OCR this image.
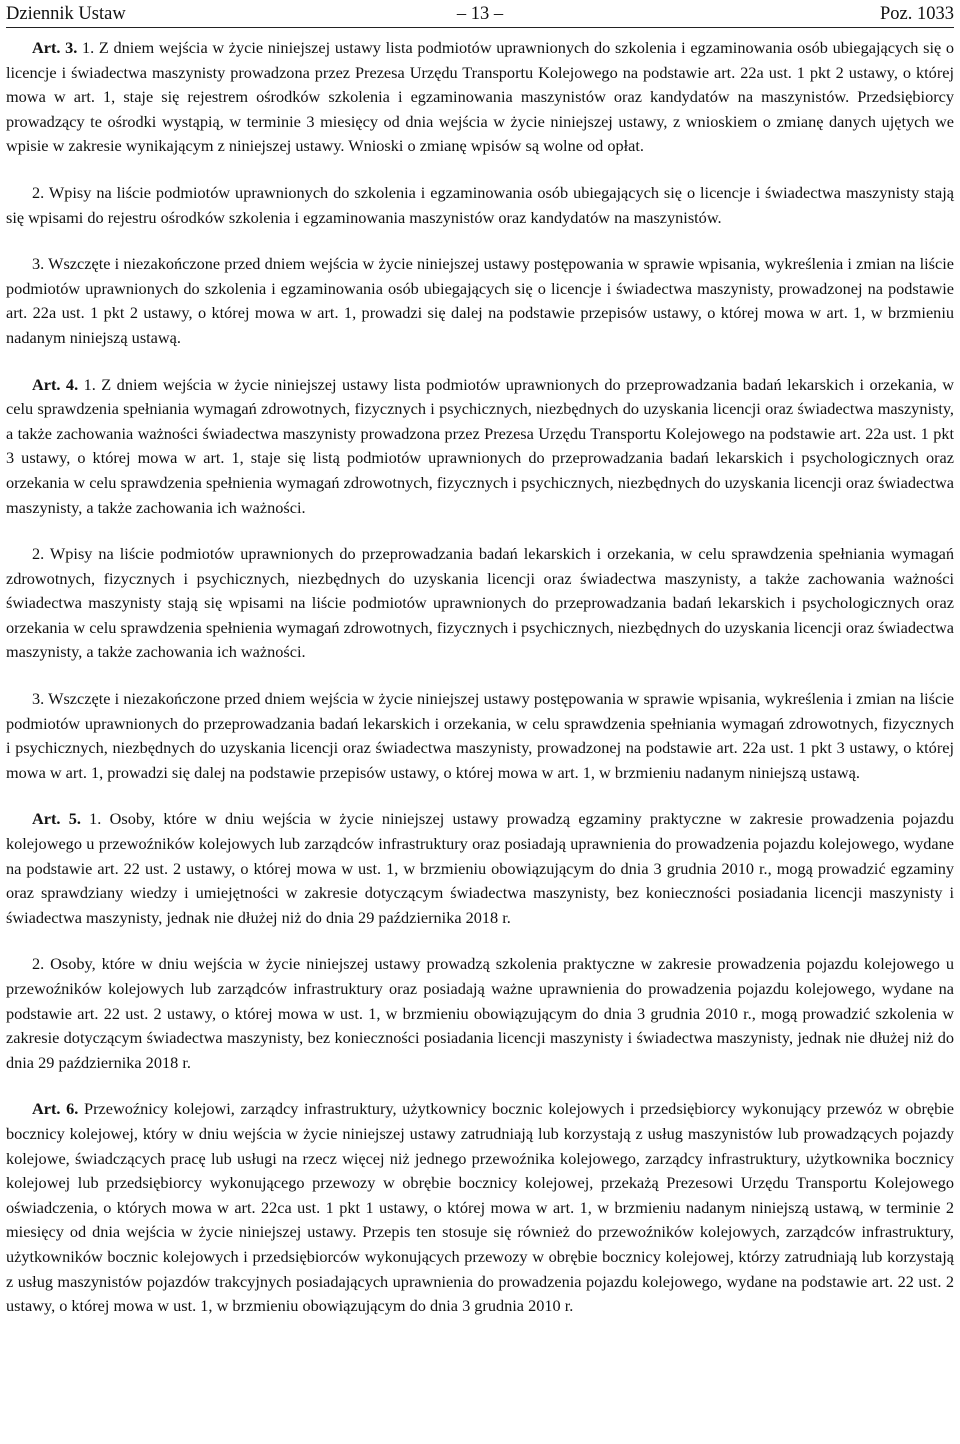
Dziennik Ustaw	– 13 –	Poz. 1033

Art. 3. 1. Z dniem wejścia w życie niniejszej ustawy lista podmiotów uprawnionych do szkolenia i egzaminowania osób ubiegających się o licencje i świadectwa maszynisty prowadzona przez Prezesa Urzędu Transportu Kolejowego na podstawie art. 22a ust. 1 pkt 2 ustawy, o której mowa w art. 1, staje się rejestrem ośrodków szkolenia i egzaminowania maszynistów oraz kandydatów na maszynistów. Przedsiębiorcy prowadzący te ośrodki wystąpią, w terminie 3 miesięcy od dnia wejścia w życie niniejszej ustawy, z wnioskiem o zmianę danych ujętych we wpisie w zakresie wynikającym z niniejszej ustawy. Wnioski o zmianę wpisów są wolne od opłat.

2. Wpisy na liście podmiotów uprawnionych do szkolenia i egzaminowania osób ubiegających się o licencje i świadectwa maszynisty stają się wpisami do rejestru ośrodków szkolenia i egzaminowania maszynistów oraz kandydatów na maszynistów.

3. Wszczęte i niezakończone przed dniem wejścia w życie niniejszej ustawy postępowania w sprawie wpisania, wykreślenia i zmian na liście podmiotów uprawnionych do szkolenia i egzaminowania osób ubiegających się o licencje i świadectwa maszynisty, prowadzonej na podstawie art. 22a ust. 1 pkt 2 ustawy, o której mowa w art. 1, prowadzi się dalej na podstawie przepisów ustawy, o której mowa w art. 1, w brzmieniu nadanym niniejszą ustawą.

Art. 4. 1. Z dniem wejścia w życie niniejszej ustawy lista podmiotów uprawnionych do przeprowadzania badań lekarskich i orzekania, w celu sprawdzenia spełniania wymagań zdrowotnych, fizycznych i psychicznych, niezbędnych do uzyskania licencji oraz świadectwa maszynisty, a także zachowania ważności świadectwa maszynisty prowadzona przez Prezesa Urzędu Transportu Kolejowego na podstawie art. 22a ust. 1 pkt 3 ustawy, o której mowa w art. 1, staje się listą podmiotów uprawnionych do przeprowadzania badań lekarskich i psychologicznych oraz orzekania w celu sprawdzenia spełnienia wymagań zdrowotnych, fizycznych i psychicznych, niezbędnych do uzyskania licencji oraz świadectwa maszynisty, a także zachowania ich ważności.

2. Wpisy na liście podmiotów uprawnionych do przeprowadzania badań lekarskich i orzekania, w celu sprawdzenia spełniania wymagań zdrowotnych, fizycznych i psychicznych, niezbędnych do uzyskania licencji oraz świadectwa maszynisty, a także zachowania ważności świadectwa maszynisty stają się wpisami na liście podmiotów uprawnionych do przeprowadzania badań lekarskich i psychologicznych oraz orzekania w celu sprawdzenia spełnienia wymagań zdrowotnych, fizycznych i psychicznych, niezbędnych do uzyskania licencji oraz świadectwa maszynisty, a także zachowania ich ważności.

3. Wszczęte i niezakończone przed dniem wejścia w życie niniejszej ustawy postępowania w sprawie wpisania, wykreślenia i zmian na liście podmiotów uprawnionych do przeprowadzania badań lekarskich i orzekania, w celu sprawdzenia spełniania wymagań zdrowotnych, fizycznych i psychicznych, niezbędnych do uzyskania licencji oraz świadectwa maszynisty, prowadzonej na podstawie art. 22a ust. 1 pkt 3 ustawy, o której mowa w art. 1, prowadzi się dalej na podstawie przepisów ustawy, o której mowa w art. 1, w brzmieniu nadanym niniejszą ustawą.

Art. 5. 1. Osoby, które w dniu wejścia w życie niniejszej ustawy prowadzą egzaminy praktyczne w zakresie prowadzenia pojazdu kolejowego u przewoźników kolejowych lub zarządców infrastruktury oraz posiadają uprawnienia do prowadzenia pojazdu kolejowego, wydane na podstawie art. 22 ust. 2 ustawy, o której mowa w ust. 1, w brzmieniu obowiązującym do dnia 3 grudnia 2010 r., mogą prowadzić egzaminy oraz sprawdziany wiedzy i umiejętności w zakresie dotyczącym świadectwa maszynisty, bez konieczności posiadania licencji maszynisty i świadectwa maszynisty, jednak nie dłużej niż do dnia 29 października 2018 r.

2. Osoby, które w dniu wejścia w życie niniejszej ustawy prowadzą szkolenia praktyczne w zakresie prowadzenia pojazdu kolejowego u przewoźników kolejowych lub zarządców infrastruktury oraz posiadają ważne uprawnienia do prowadzenia pojazdu kolejowego, wydane na podstawie art. 22 ust. 2 ustawy, o której mowa w ust. 1, w brzmieniu obowiązującym do dnia 3 grudnia 2010 r., mogą prowadzić szkolenia w zakresie dotyczącym świadectwa maszynisty, bez konieczności posiadania licencji maszynisty i świadectwa maszynisty, jednak nie dłużej niż do dnia 29 października 2018 r.

Art. 6. Przewoźnicy kolejowi, zarządcy infrastruktury, użytkownicy bocznic kolejowych i przedsiębiorcy wykonujący przewóz w obrębie bocznicy kolejowej, który w dniu wejścia w życie niniejszej ustawy zatrudniają lub korzystają z usług maszynistów lub prowadzących pojazdy kolejowe, świadczących pracę lub usługi na rzecz więcej niż jednego przewoźnika kolejowego, zarządcy infrastruktury, użytkownika bocznicy kolejowej lub przedsiębiorcy wykonującego przewozy w obrębie bocznicy kolejowej, przekażą Prezesowi Urzędu Transportu Kolejowego oświadczenia, o których mowa w art. 22ca ust. 1 pkt 1 ustawy, o której mowa w art. 1, w brzmieniu nadanym niniejszą ustawą, w terminie 2 miesięcy od dnia wejścia w życie niniejszej ustawy. Przepis ten stosuje się również do przewoźników kolejowych, zarządców infrastruktury, użytkowników bocznic kolejowych i przedsiębiorców wykonujących przewozy w obrębie bocznicy kolejowej, którzy zatrudniają lub korzystają z usług maszynistów pojazdów trakcyjnych posiadających uprawnienia do prowadzenia pojazdu kolejowego, wydane na podstawie art. 22 ust. 2 ustawy, o której mowa w ust. 1, w brzmieniu obowiązującym do dnia 3 grudnia 2010 r.
